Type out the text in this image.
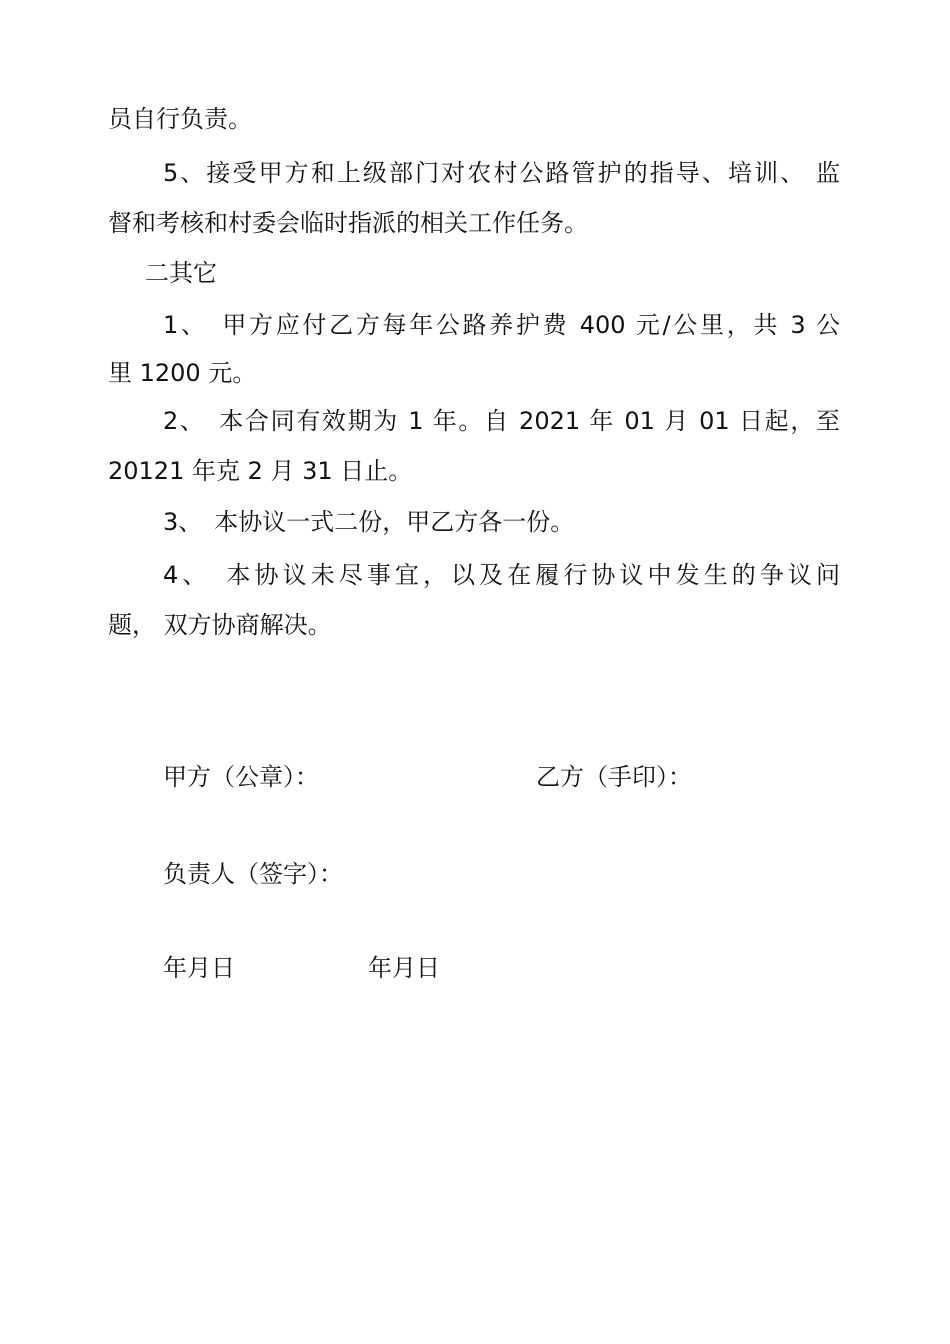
员自行负责。
5、接受甲方和上级部门对农村公路管护的指导、培训、 监
督和考核和村委会临时指派的相关工作任务。
二其它
1、　甲方应付乙方每年公路养护费 400 元/公里，共 3 公
里 1200 元。
2、　本合同有效期为 1 年。自 2021 年 01 月 01 日起，至
20121 年克 2 月 31 日止。
3、　本协议一式二份，甲乙方各一份。
4、　本协议未尽事宜，以及在履行协议中发生的争议问
题， 双方协商解决。
甲方（公章）：	乙方（手印）：
负责人（签字）：
年月日	年月日
